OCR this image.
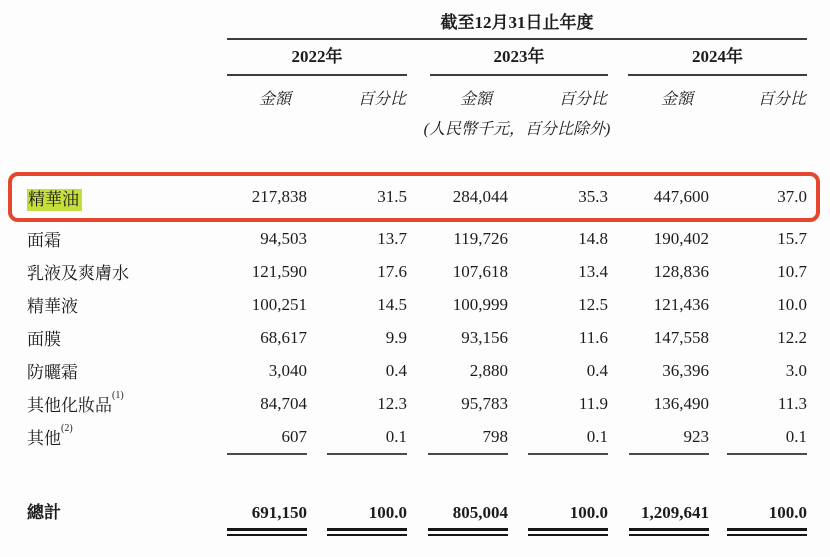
截至12月31日止年度
2022年	2023年	2024年
金額	百分比	金額	百分比	金額	百分比
(人民幣千元，百分比除外)
精華油	217,838	31.5	284,044	35.3	447,600	37.0
面霜	94,503	13.7	119,726	14.8	190,402	15.7
乳液及爽膚水	121,590	17.6	107,618	13.4	128,836	10.7
精華液	100,251	14.5	100,999	12.5	121,436	10.0
面膜	68,617	9.9	93,156	11.6	147,558	12.2
防曬霜	3,040	0.4	2,880	0.4	36,396	3.0
其他化妝品$^{(1)}$	84,704	12.3	95,783	11.9	136,490	11.3
其他$^{(2)}$	607	0.1	798	0.1	923	0.1
總計	691,150	100.0	805,004	100.0	1,209,641	100.0
